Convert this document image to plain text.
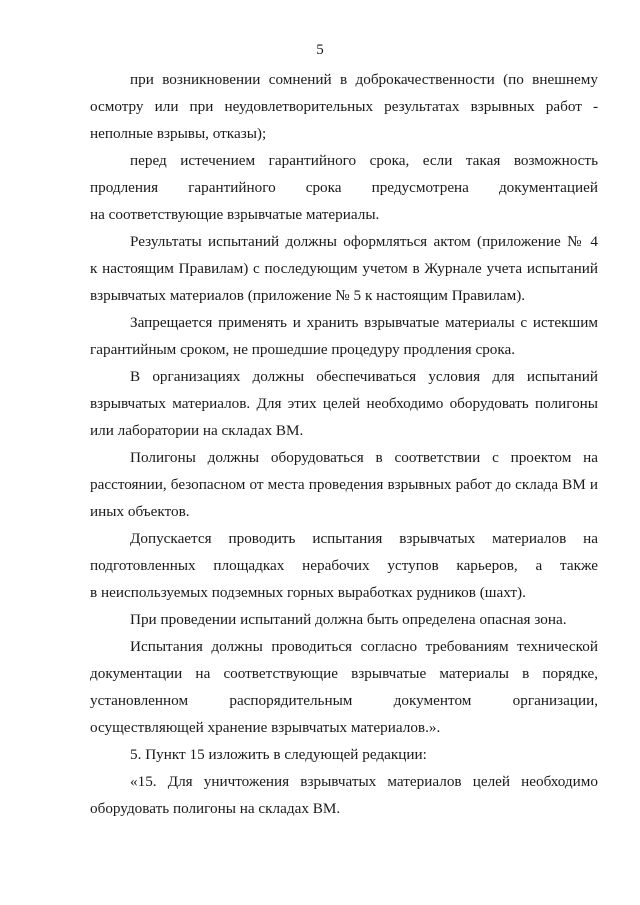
5
при возникновении сомнений в доброкачественности (по внешнему
осмотру или при неудовлетворительных результатах взрывных работ -
неполные взрывы, отказы);
перед истечением гарантийного срока, если такая возможность
продления гарантийного срока предусмотрена документацией
на соответствующие взрывчатые материалы.
Результаты испытаний должны оформляться актом (приложение № 4
к настоящим Правилам) с последующим учетом в Журнале учета испытаний
взрывчатых материалов (приложение № 5 к настоящим Правилам).
Запрещается применять и хранить взрывчатые материалы с истекшим
гарантийным сроком, не прошедшие процедуру продления срока.
В организациях должны обеспечиваться условия для испытаний
взрывчатых материалов. Для этих целей необходимо оборудовать полигоны
или лаборатории на складах ВМ.
Полигоны должны оборудоваться в соответствии с проектом на
расстоянии, безопасном от места проведения взрывных работ до склада ВМ и
иных объектов.
Допускается проводить испытания взрывчатых материалов на
подготовленных площадках нерабочих уступов карьеров, а также
в неиспользуемых подземных горных выработках рудников (шахт).
При проведении испытаний должна быть определена опасная зона.
Испытания должны проводиться согласно требованиям технической
документации на соответствующие взрывчатые материалы в порядке,
установленном распорядительным документом организации,
осуществляющей хранение взрывчатых материалов.».
5. Пункт 15 изложить в следующей редакции:
«15. Для уничтожения взрывчатых материалов целей необходимо
оборудовать полигоны на складах ВМ.
